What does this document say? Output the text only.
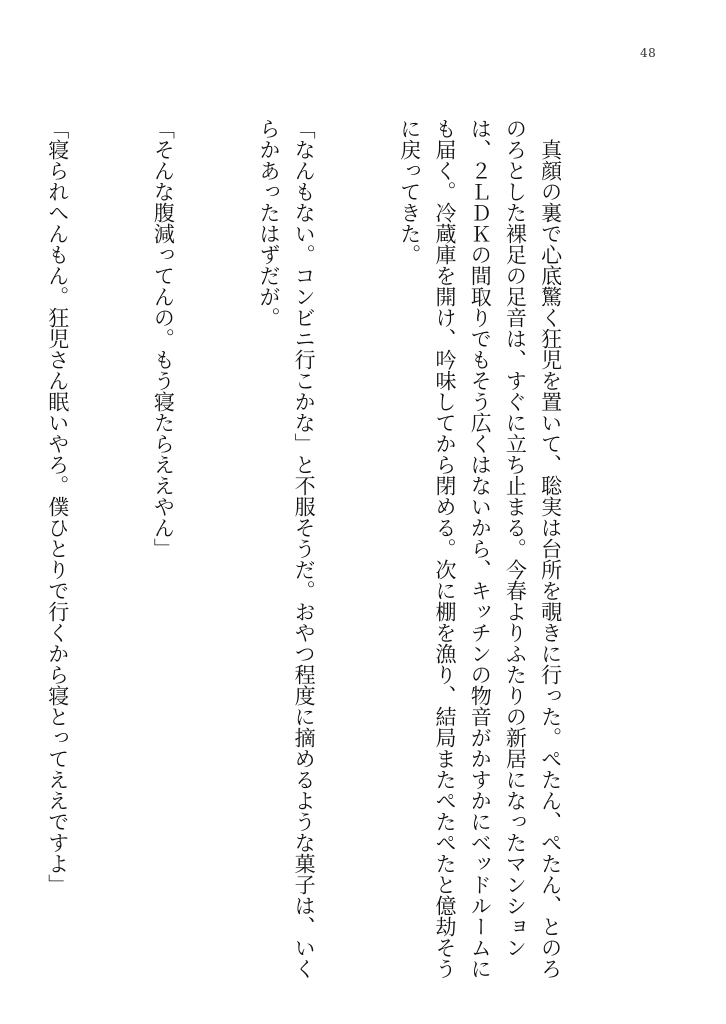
48

　真顔の裏で心底驚く狂児を置いて、聡実は台所を覗きに行った。ぺたん、ぺたん、とのろのろとした裸足の足音は、すぐに立ち止まる。今春よりふたりの新居になったマンションは、２ＬＤＫの間取りでもそう広くはないから、キッチンの物音がかすかにベッドルームにも届く。冷蔵庫を開け、吟味してから閉める。次に棚を漁り、結局またぺたぺたと億劫そうに戻ってきた。

「なんもない。コンビニ行こかな」と不服そうだ。おやつ程度に摘めるような菓子は、いくらかあったはずだが。

「そんな腹減ってんの。もう寝たらええやん」

「寝られへんもん。狂児さん眠いやろ。僕ひとりで行くから寝とってええですよ」
